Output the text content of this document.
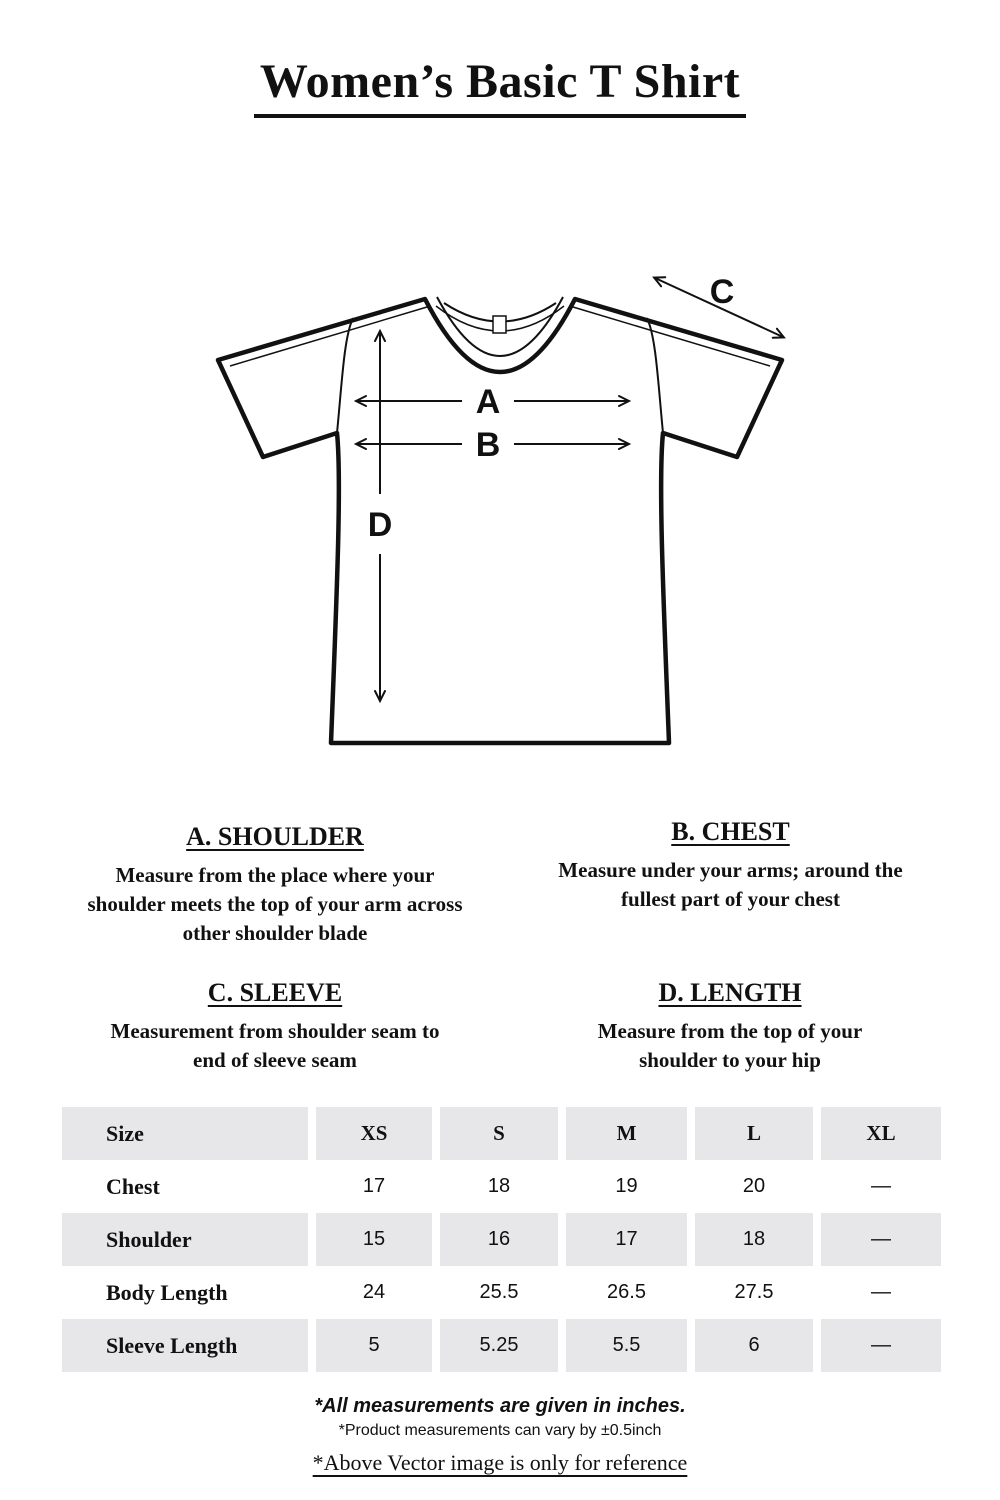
Women’s Basic T Shirt
A
B
C
D
A. SHOULDER

Measure from the place where your shoulder meets the top of your arm across other shoulder blade

B. CHEST

Measure under your arms; around the fullest part of your chest

C. SLEEVE

Measurement from shoulder seam to end of sleeve seam

D. LENGTH

Measure from the top of your shoulder to your hip

Size	XS	S	M	L	XL
Chest	17	18	19	20	—
Shoulder	15	16	17	18	—
Body Length	24	25.5	26.5	27.5	—
Sleeve Length	5	5.25	5.5	6	—
*All measurements are given in inches.
*Product measurements can vary by ±0.5inch
*Above Vector image is only for reference
